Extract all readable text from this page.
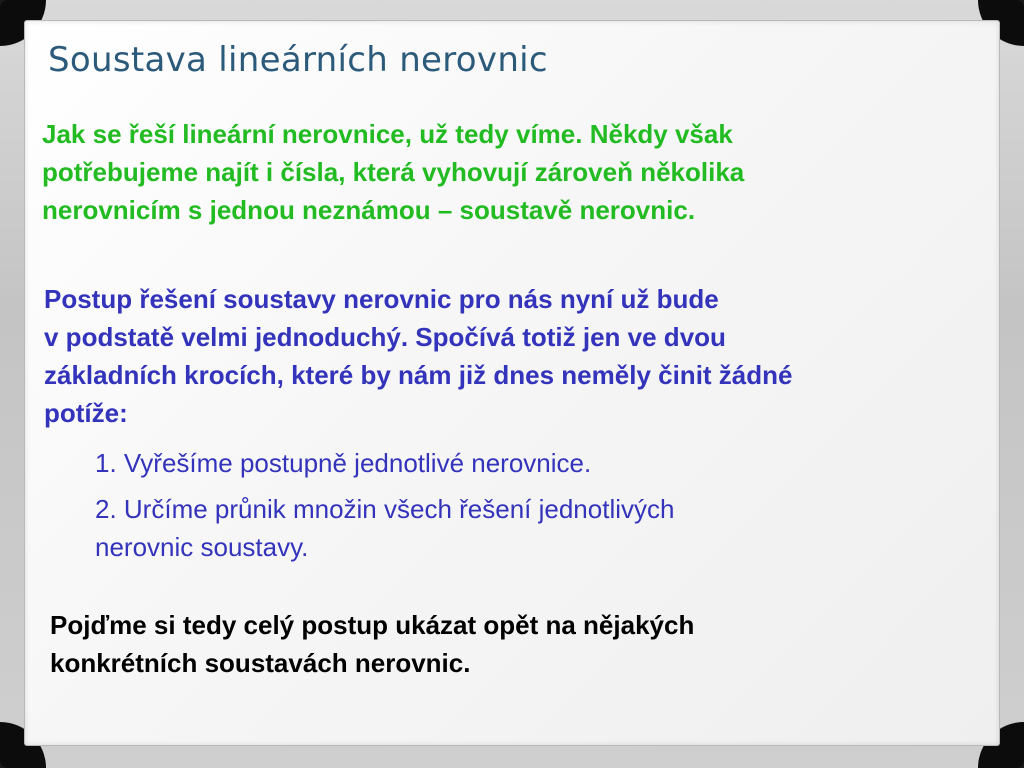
Soustava lineárních nerovnic

Jak se řeší lineární nerovnice, už tedy víme. Někdy však
potřebujeme najít i čísla, která vyhovují zároveň několika
nerovnicím s jednou neznámou – soustavě nerovnic.

Postup řešení soustavy nerovnic pro nás nyní už bude
v podstatě velmi jednoduchý. Spočívá totiž jen ve dvou
základních krocích, které by nám již dnes neměly činit žádné
potíže:

1. Vyřešíme postupně jednotlivé nerovnice.
2. Určíme průnik množin všech řešení jednotlivých
nerovnic soustavy.

Pojďme si tedy celý postup ukázat opět na nějakých
konkrétních soustavách nerovnic.
